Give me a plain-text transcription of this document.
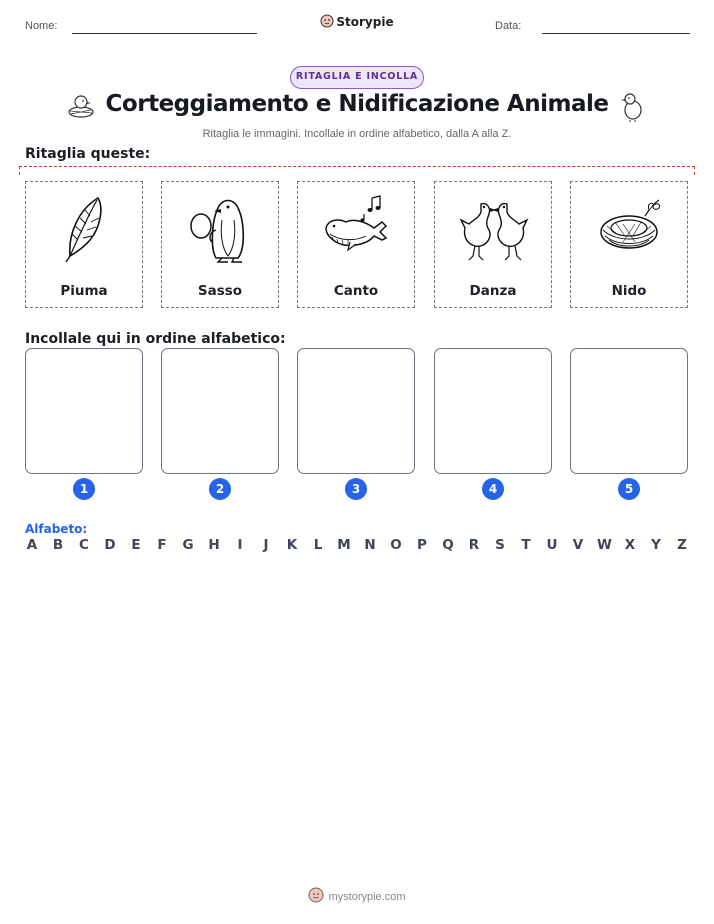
Nome:	Storypie	Data:
RITAGLIA E INCOLLA
Corteggiamento e Nidificazione Animale
Ritaglia le immagini. Incollale in ordine alfabetico, dalla A alla Z.
Ritaglia queste:
Piuma	Sasso	Canto	Danza	Nido
Incollale qui in ordine alfabetico:
1	2	3	4	5
Alfabeto:
A B C D E F G H	I	J	K L M N O P Q R S T U V W X Y Z
mystorypie.com
